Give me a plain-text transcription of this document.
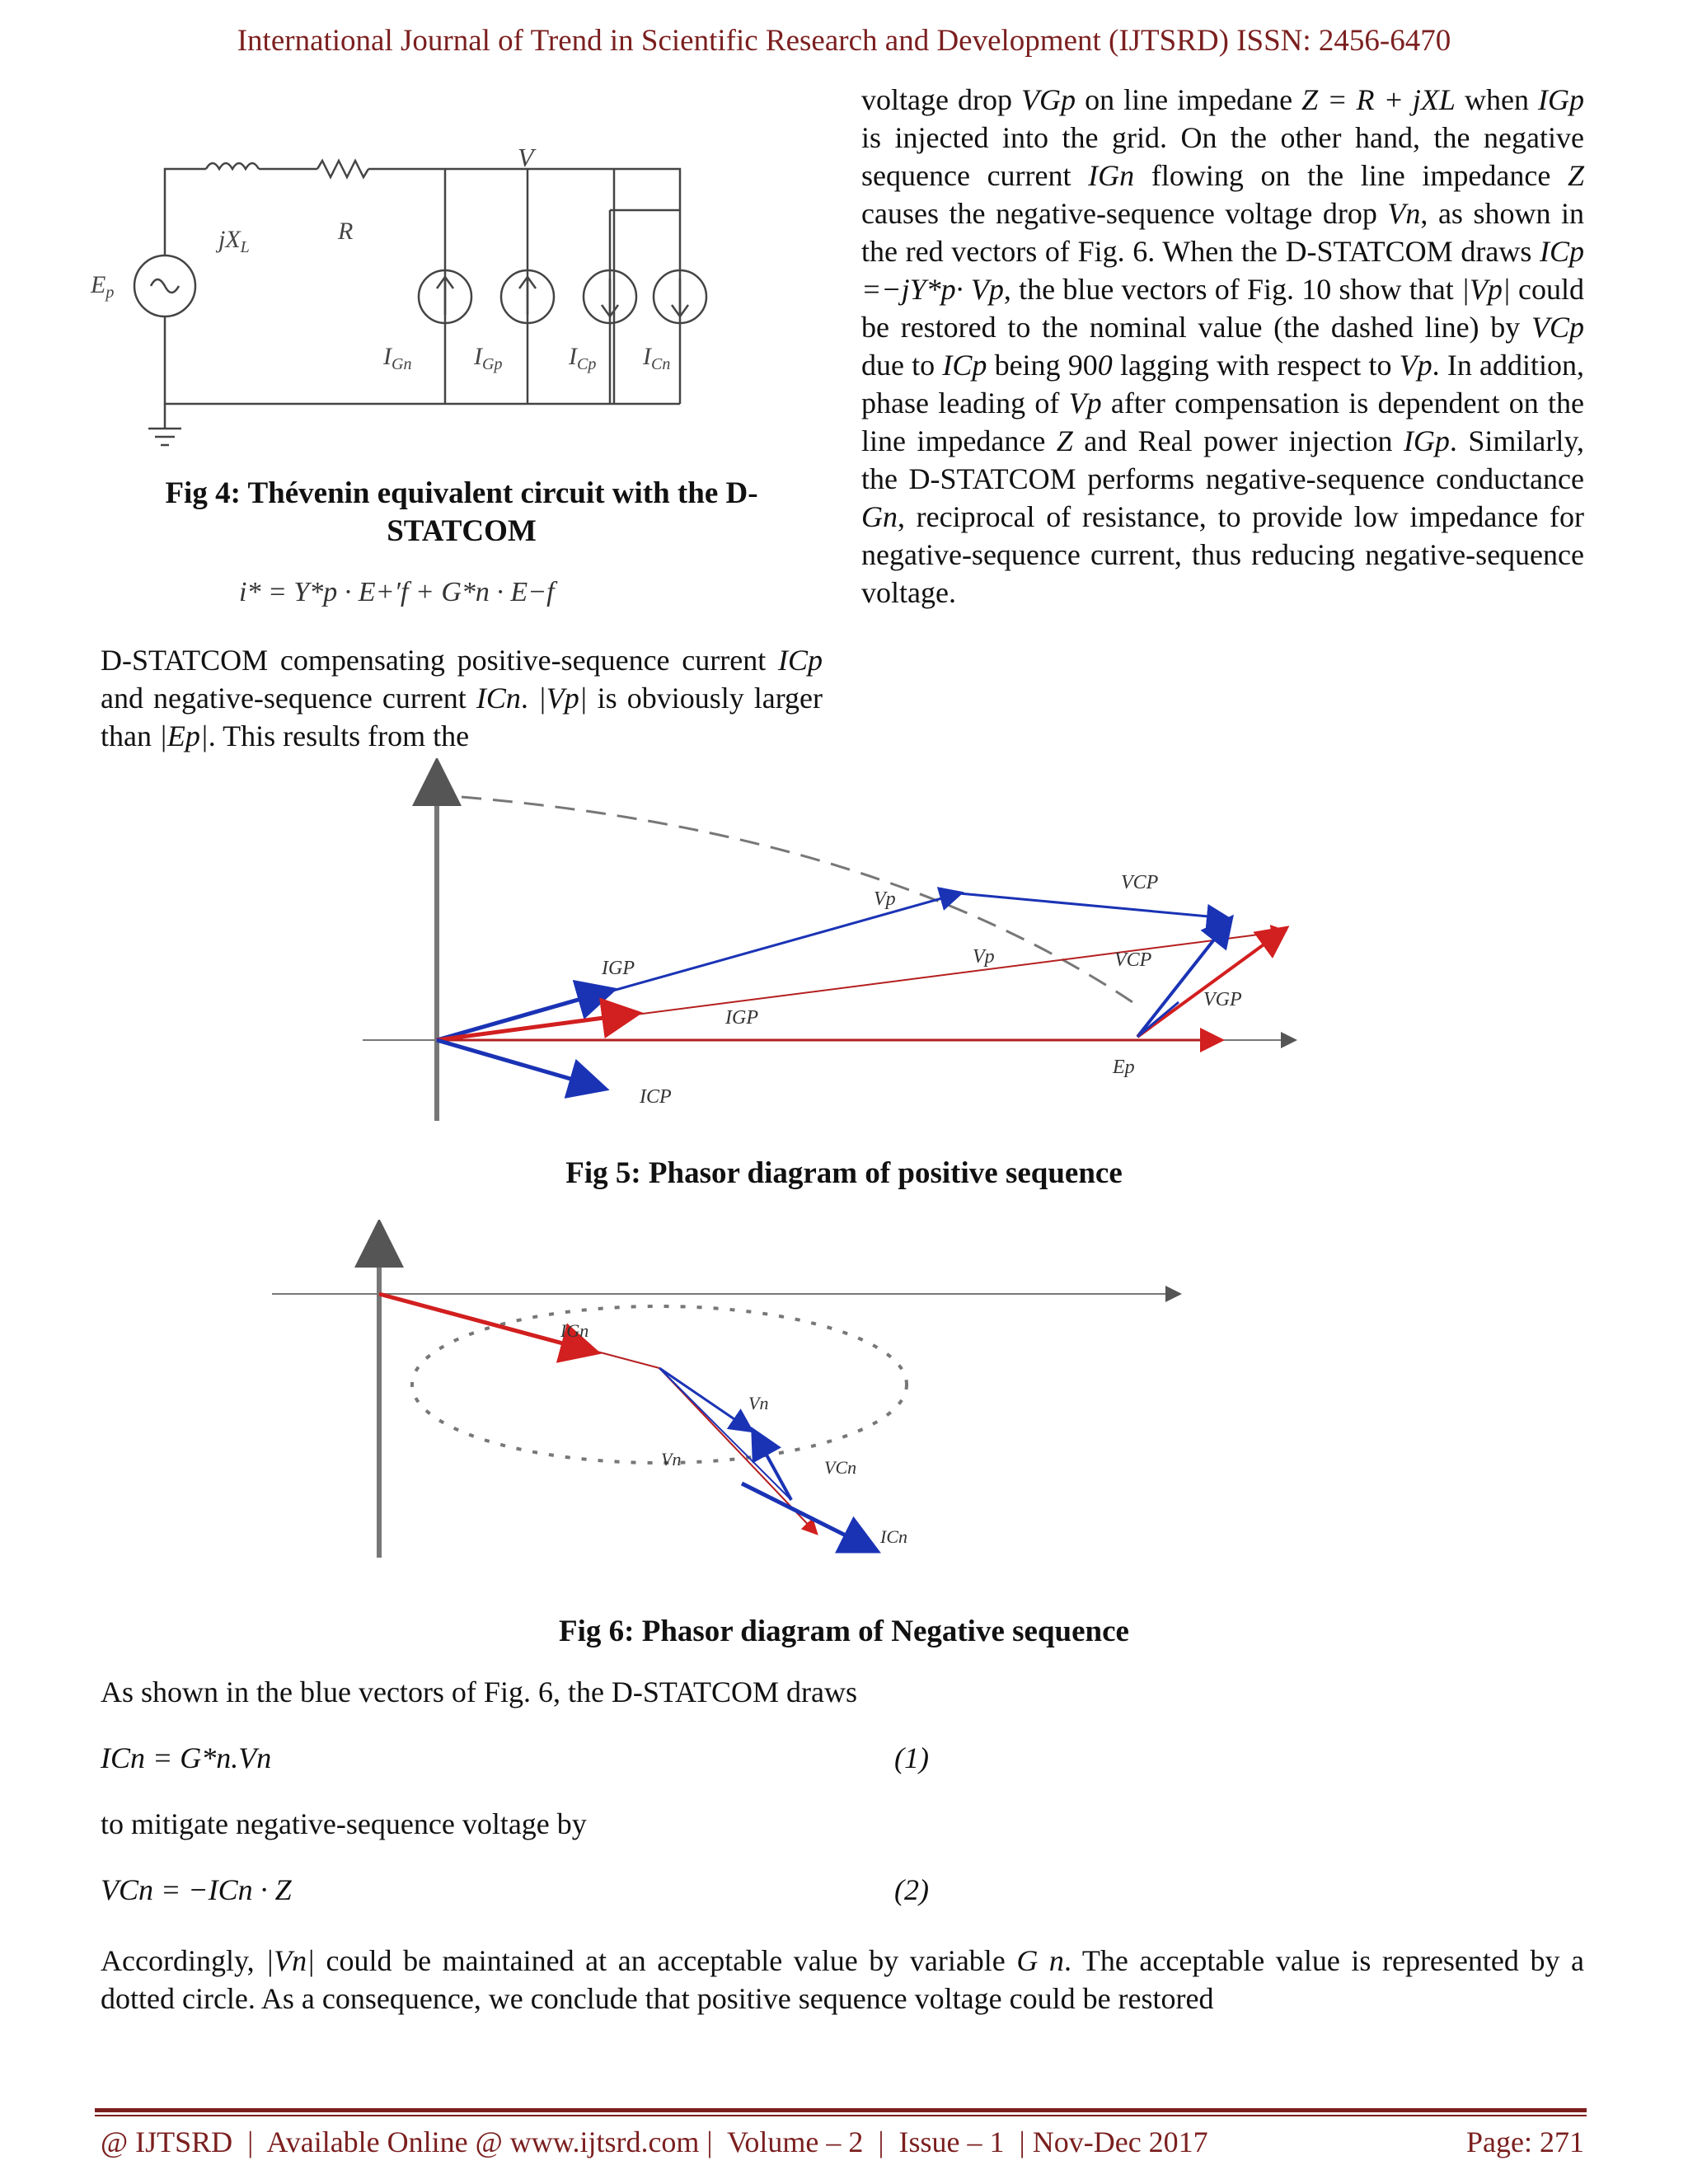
International Journal of Trend in Scientific Research and Development (IJTSRD) ISSN: 2456-6470
voltage drop VGp on line impedane Z = R + jXL when IGp is injected into the grid. On the other hand, the negative sequence current IGn flowing on the line impedance Z causes the negative-sequence voltage drop Vn, as shown in the red vectors of Fig. 6. When the D-STATCOM draws ICp =−jY*p· Vp, the blue vectors of Fig. 10 show that |Vp| could be restored to the nominal value (the dashed line) by VCp due to ICp being 900 lagging with respect to Vp. In addition, phase leading of Vp after compensation is dependent on the line impedance Z and Real power injection IGp. Similarly, the D-STATCOM performs negative-sequence conductance Gn, reciprocal of resistance, to provide low impedance for negative-sequence current, thus reducing negative-sequence voltage.
V
$jX_L$
R
$E_p$
$I_{Gn}$	$I_{Gp}$	$I_{Cp}$ $I_{Cn}$
Fig 4: Thévenin equivalent circuit with the D-STATCOM
i* = Y*p · E+′f + G*n · E−f
D-STATCOM compensating positive-sequence current ICp and negative-sequence current ICn. |Vp| is obviously larger than |Ep|. This results from the
Vp
VCP
IGP
Vp	VCP
IGP
VGP
Ep
ICP
Fig 5: Phasor diagram of positive sequence
IGn
Vn
VCn
Vn
ICn
Fig 6: Phasor diagram of Negative sequence
As shown in the blue vectors of Fig. 6, the D-STATCOM draws
ICn = G*n.Vn	(1)
to mitigate negative-sequence voltage by
VCn = −ICn · Z	(2)
Accordingly, |Vn| could be maintained at an acceptable value by variable G n. The acceptable value is represented by a dotted circle. As a consequence, we conclude that positive sequence voltage could be restored
@ IJTSRD  |  Available Online @ www.ijtsrd.com |  Volume – 2  |  Issue – 1  | Nov-Dec 2017	Page: 271
